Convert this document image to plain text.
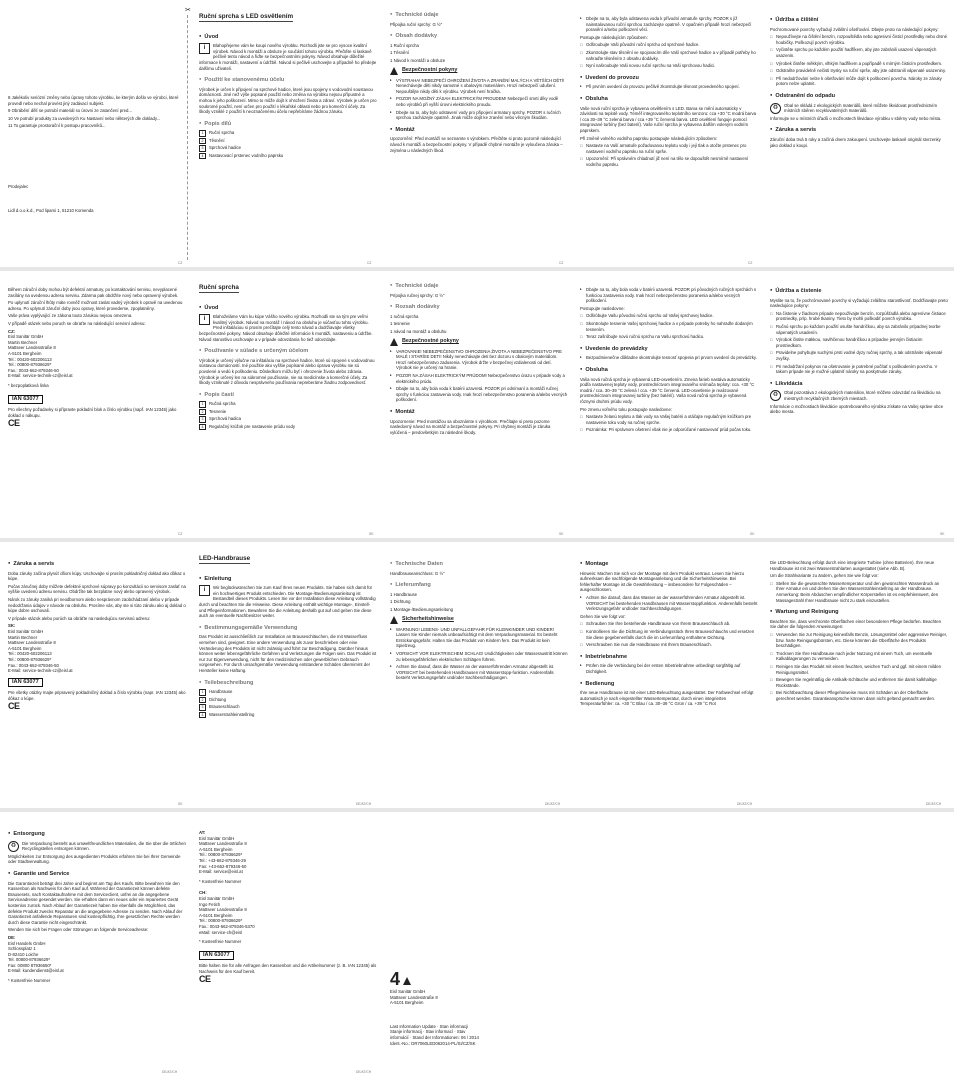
✂

8 Jakékoliv seriózní změny nebo úpravy tohoto výrobku, ke kterým došlo ve výrobci, které provedl nebo nechal provést jiný zadávací subjekt.

9 Obrábění dělí se potrubí materiál so úrovni ze zatančení pred...

10 Ve potrubí produkty za uvedených Ku Nastavní nebo některých dle doklady...

11 To garantuje prostorační k postupu pracovníků...

Prodejalec

Lidl d.o.o.k.d., Pod lipami 1, 51210 Komenda

Ruční sprcha s LED osvětlením
● Úvod
i	Blahopřejeme vám ke koupi nového výrobku. Rozhodli jste se pro vysoce kvalitní výrobek. Návod k montáži a obsluze je součástí tohoto výrobku. Přečtěte si laskavě pečlivě tento návod a řiďte se bezpečnostními pokyny. Návod obsahuje důležité informace k montáži, nastavení a údržbě. Návod si pečlivě uschovejte a případně ho předejte dalšímu uživateli.

● Použití ke stanovenému účelu

Výrobek je určen k připojení na sprchové hadice, které jsou spojeny s vodovodní soustavou domácnosti. Jiné než výše popsané použití nebo změna na výrobku nejsou přípustné a mohou k jeho poškození. Mimo to může dojít k ohrožení života a zdraví. Výrobek je určen pro soukromé použití, není určen pro použití v lékařské oblasti nebo pro komerční účely. Za škody vzniklé z použití k neoznačenému účelu nepřebíráme žádnou záruku.

● Popis dílů
1 Ruční sprcha
2 Těsnění
3 Sprchová hadice
4 Nastavovací prstenec vodního paprsku
● Technické údaje

Připojka ruční sprchy: G ½"

● Obsah dodávky

1 Ruční sprcha

1 Těsnění

1 Návod k montáži a obsluze

Bezpečnostní pokyny

▸ VÝSTRAHA! NEBEZPEČÍ OHROŽENÍ ŽIVOTA A ZRANĚNÍ MALÝCH A VĚTŠÍCH DĚTÍ! Nenechávejte děti nikdy samotné s obalovým materiálem. Hrozí nebezpečí udušení. Nepouštějte nikdy děti k výrobku. Výrobek není hračka.

▸ POZOR NA MOŽNÝ ZÁSAH ELEKTRICKÝM PROUDEM! Nebezpečí smrti díky vodě nebo výrobků při vyšší úrovni elektrického proudu.

▸ Dbejte na to, aby bylo odstavení vody pro připojení armatury sprchy. POZOR s ručních sprchou zacházejte opatrně. Jinak může dojít ke zranění nebo věcným škodám.

● Montáž

Upozornění: Před montáží se seznamte s výrobkem. Přečtěte si proto pozorně následující návod k montáži a bezpečnostní pokyny. V případě chybné montáže je vyloučena záruka – zejména u následných škod.

▸ Dbejte na to, aby byla odstavena voda k přívodní armatuře sprchy. POZOR s již nainstalovanou ruční sprchou zacházejte opatrně. V opačném případě hrozí nebezpečí poranění a/nebo poškození věcí.

Postupujte následujícím způsobem:

□ Odšroubujte Vaši původní ruční sprchu od sprchové hadice.

□ Zkontrolujte stav těsnění ve spojovacím díle Vaší sprchové hadice a v případě potřeby ho nahraďte těsněním z obsahu dodávky.

□ Nyní našroubujte Vaši novou ruční sprchu na Vaši sprchovou hadici.

● Uvedení do provozu

▸ Při prvním uvedení do provozu pečlivě zkontrolujte těsnost provedeného spojení.

● Obsluha

Vaše nová ruční sprcha je vybavena osvětlením s LED. Barva se mění automaticky v závislosti na teplotě vody. Téměř integrovaného teplotního senzoru: cca +30 °C modrá barva / cca 30–39 °C zelená barva / cca +39 °C červená barva. LED osvětlení funguje pomocí integrované turbíny (bez baterií). Vaše ruční sprcha je vybavena dalším voleným vodním paprskem.

Při změně volného vodního paprsku postupujte následujícím způsobem:

□ Nastavte na Vaší armatuře požadovanou teplotu vody i její tlak a otočte prstenec pro nastavení vodního paprsku na ruční sprše.

□ Upozornění: Při správném chladnutí již není na tělo se dopouštět nesmírně nastavení vodního paprsku.

● Údržba a čištění

Pochromované povrchy vyžadují zvláštní ošetřování. Dbejte proto na následující pokyny:

□ Nepoužívejte na čištění benzín, rozpouštědla nebo agresivní čisticí prostředky nebo drsné houbičky. Poškozují povrch výrobku.

□ Vyčistěte sprchu po každém použití hadříkem, aby jste zabránili usazení vápenatých usazenin.

□ Výrobek čistěte měkkým, vlhkým hadříkem a popřípadě s mírným čisticím prostředkem.

□ Odstraňte pravidelně nečisti trysky na ruční sprše, aby jste odstranili vápenaté usazeniny.

□ Při nedodržování nelze k ošetřování může dojít k poškození povrchu. Nároky ze záruky potom nelze uplatnit.

● Odstranění do odpadu
♻	Obal se skládá z ekologických materiálů, které můžete likvidovat prostřednictvím místních sběren recyklovatelných materiálů.

Informujte se u místních úřadů o možnostech likvidace výrobku v sběrny vody nebo místa.

● Záruka a servis

Záruční doba trvá 5 roky a začíná dnem zakoupení. Uschovejte laskavě originál stvrzenky jako doklad o koupi.

CZ	CZ	CZ	CZ

Během záruční doby mohou být defektní armatury, po kontaktování servisu, nevyplacené zasílány na uvedenou adresu servisu. Zdarma pak obdržíte nový nebo opravený výrobek.

Po uplynutí záruční lhůty máte rovněž možnost zaslat vadný výrobek k opravě na uvedenou adresu. Po uplynutí záruční doby jsou opravy, které provedeme, zpoplatněny.

Vaše práva vyplývající ze zákona touto zárukou nejsou omezena.

V případě otázek nebo poruch se obraťte na následující servisní adresu:

CZ:
Eisl Sanitär GmbH
Martin Bechner
Mattseer Landesstraße 8
A-5101 Bergheim
Tel.: 00420-602206113
Tel.: 00800-87936629*
Fax.: 0043-662-879346-50
E-Mail: service-technik-cz@eisl.at

* bezpoplatková linka

IAN 63077

Pro všechny požadavky si připravte pokladní blok a číslo výrobku (např. IAN 12345) jako doklad o nákupu.

CE
Ruční sprcha
● Úvod
i	Blahoželáme Vám ku kúpe Vášho nového výrobku. Rozhodli ste sa tým pre veľmi kvalitný výrobok. Návod na montáž / návod na obsluhu je súčasťou tohto výrobku. Pred inštaláciou si prosím prečítajte celý tento návod a dodržiavajte všetky bezpečnostné pokyny. Návod obsahuje dôležité informácie k montáži, nastaveniu a údržbe. Návod starostlivo uschovajte a v prípade odovzdania ho tiež odovzdajte.

● Používanie v súlade s určeným účelom

Výrobok je určený výlučne na inštaláciu na sprchové hadice, ktoré sú spojené s vodovodnou sústavou domácností. Iné použitie ako vyššie popísané alebo úprava výrobku nie sú povolené a vedú k poškodeniu. Dôsledkom môžu byť i ohrozenie života alebo zdravia. Výrobok je určený len na súkromné používanie, nie na medicínske a komerčné účely. Za škody vzniknuté z dôvodu nesprávneho používania nepreberáme žiadnu zodpovednosť.

● Popis častí
1 Ručná sprcha
2 Tesnenie
3 Sprchová hadica
4 Regulačný krúžok pre nastavenie prúdu vody
● Technické údaje

Prípojka ručnej sprchy: G ½"

● Rozsah dodávky

1 ručná sprcha

1 tesnenie

1 návod na montáž a obsluhu

Bezpečnostné pokyny

▸ VAROVANIE! NEBEZPEČENSTVO OHROZENIA ŽIVOTA A NEBEZPEČENSTVO PRE MALÉ I STARŠIE DETI! Nikdy nenechávajte deti bez dozoru s obalovým materiálom. Hrozí nebezpečenstvo zadusenia. Výrobok držte v bezpečnej vzdialenosti od detí. Výrobok nie je určený na hranie.

▸ POZOR NA ZÁSAH ELEKTRICKÝM PRÚDOM! Nebezpečenstvo úrazu v prípade vody a elektrického prúdu.

▸ Dbajte na to, aby bola voda k batérii uzavretá. POZOR pri odnímaní a montáži ručnej sprchy s funkciou zastavenia vody. Inak hrozí nebezpečenstvo poranenia a/alebo vecných poškodení.

● Montáž

Upozornenie: Pred montážou sa oboznámte s výrobkom. Prečítajte si preto pozorne nasledovný návod na montáž a bezpečnostné pokyny. Pri chybnej montáži je záruka vylúčená – predovšetkým za následné škody.

▸ Dbajte na to, aby bola voda v batérii uzavretá. POZOR pri pôvodných ručných sprchách s funkciou zastavenia vody. Inak hrozí nebezpečenstvo poranenia a/alebo vecných poškodení.

Postupujte nasledovne:

□ Odšróbujte Vašu pôvodnú ručnú sprchu od Vašej sprchovej hadice.

□ Skontrolujte tesnenie Vašej sprchovej hadice a v prípade potreby ho nahraďte dodaným tesnením.

□ Teraz zašróbujte novú ručnú sprchu na Vašu sprchovú hadicu.

● Uvedenie do prevádzky

▸ Bezpodmienečne dôkladne skontrolujte tesnosť spojenia pri prvom uvedení do prevádzky.

● Obsluha

Vaša nová ručná sprcha je vybavená LED-osvetlením. Zmena farieb nastáva automaticky podľa nastavenej teploty vody, prostredníctvom integrovaného snímača teploty: cca. +30 °C modrá / cca. 30–39 °C zelená / cca. +39 °C červená. LED-osvetlenie je realizované prostredníctvom integrovanej turbíny (bez batérií). Vaša nová ručná sprcha je vybavená rôznymi druhmi prúdu vody.

Pre zmenu voľného toku postupujte nasledovne:

□ Nastavte želanú teplotu a tlak vody na Vašej batérii a otáčajte regulačným krúžkom pre nastavenie toku vody na ručnej sprche.

□ Poznámka: Pri správnom ošetrení však nie je odporúčané nastavovať prúd počas toku.

● Údržba a čistenie

Myslite na to, že pochrómované povrchy si vyžadujú zvláštnu starostlivosť. Dodržiavajte preto nasledujúce pokyny:

□ Na čistenie v žiadnom prípade nepoužívajte benzín, rozpúšťadlá alebo agresívne čistiace prostriedky, príp. hrubé tkaniny. Tieto by mohli poškodiť povrch výrobku.

□ Ručnú sprchu po každom použití osušte handričkou, aby sa zabránilo prípadnej tvorbe vápenatých usadenín.

□ Výrobok čistite mäkkou, navlhčenou handričkou a prípadne jemným čistiacim prostriedkom.

□ Pravidelne pohybujte suchými prsti vodné dyzy ručnej sprchy, a tak odstránite vápenaté zvyšky.

□ Pri nedodržaní pokynov na ošetrovanie je potrebné počítať s poškodením povrchu. V takom prípade nie je možné uplatniť nároky na poskytnutie záruky.

● Likvidácia
♻	Obal pozostáva z ekologických materiálov, ktoré môžete odovzdať na likvidáciu na miestnych recyklačných zberných miestach.

Informácie o možnostiach likvidácie opotrebovaného výrobku získate na Vašej správe obce alebo mesta.

CZ	SK	SK	SK	SK
● Záruka a servis

Doba záruky začína plynúť dňom kúpy. Uschovajte si prosím pokladničný doklad ako dôkaz o kúpe.

Počas záručnej doby môžete defektné sprchové súpravy po konzultácii so servisom zaslať na vyššie uvedenú adresu servisu. Obdržíte tak bezplatne nový alebo opravený výrobok.

Nárok zo záruky zaniká pri neodbornom alebo nesprávnom zaobchádzaní alebo v prípade nedodržania údajov v návode na obsluhu. Prosíme vás, aby ste si túto záruku ako aj doklad o kúpe dobre uschovali.

V prípade otázok alebo porúch sa obráťte na nasledujúcu servisnú adresu:

SK:
Eisl Sanitär GmbH
Martin Bechner
Mattseer Landesstraße 8
A-5101 Bergheim
Tel.: 00420-602206113
Tel.: 00800-87936629*
Fax.: 0043-662-879346-50
E-Mail: service-technik-cz@eisl.at
IAN 63077

Pre všetky otázky majte pripravený pokladničný doklad a číslo výrobku (napr. IAN 12345) ako dôkaz o kúpe.

CE
LED-Handbrause
● Einleitung
i	Wir beglückwünschen Sie zum Kauf Ihres neuen Produkts. Sie haben sich damit für ein hochwertiges Produkt entschieden. Die Montage-/Bedienungsanleitung ist Bestandteil dieses Produkts. Lesen Sie vor der Installation diese Anleitung vollständig durch und beachten Sie die Hinweise. Diese Anleitung enthält wichtige Montage-, Einstell- und Pflegeinformationen. Bewahren Sie die Anleitung deshalb gut auf und geben Sie diese auch an eventuelle Nachbesitzer weiter.

● Bestimmungsgemäße Verwendung

Das Produkt ist ausschließlich zur Installation an Brauseschläuchen, die mit Wasserfluss versehen sind, geeignet. Eine andere Verwendung als zuvor beschrieben oder eine Veränderung des Produkts ist nicht zulässig und führt zur Beschädigung. Darüber hinaus können weiter lebensgefährliche Gefahren und Verletzungen die Folgen sein. Das Produkt ist nur zur Eigenverwendung, nicht für den medizinischen oder gewerblichen Gebrauch vorgesehen. Für durch unsachgemäße Verwendung entstandene Schäden übernimmt der Hersteller keine Haftung.

● Teilebeschreibung
1 Handbrause
2 Dichtung
3 Brauseschlauch
4 Wasserstrahleinstellring
● Technische Daten

Handbrauseanschluss: G ½"

● Lieferumfang

1 Handbrause

1 Dichtung

1 Montage-/Bedienungsanleitung

Sicherheitshinweise

▸ WARNUNG! LEBENS- UND UNFALLGEFAHR FÜR KLEINKINDER UND KINDER! Lassen Sie Kinder niemals unbeaufsichtigt mit dem Verpackungsmaterial. Es besteht Erstickungsgefahr. Halten Sie das Produkt von Kindern fern. Das Produkt ist kein Spielzeug.

▸ VORSICHT VOR ELEKTRISCHEM SCHLAG! Undichtigkeiten oder Wasseraustritt können zu lebensgefährlichen elektrischen Schlägen führen.

▸ Achten Sie darauf, dass die Wasser an der wasserführenden Armatur abgestellt ist. VORSICHT bei bestehenden Handbrausen mit Wasserstopp-funktion. Anderenfalls besteht Verletzungsgefahr und/oder Sachbeschädigungen.

● Montage

Hinweis: Machen Sie sich vor der Montage mit dem Produkt vertraut. Lesen Sie hierzu aufmerksam die nachfolgende Montageanleitung und die Sicherheitshinweise. Bei fehlerhafter Montage ist die Gewährleistung – insbesondere für Folgeschäden – ausgeschlossen.

▸ Achten Sie darauf, dass das Wasser an der wasserführenden Armatur abgestellt ist. VORSICHT bei bestehenden Handbrausen mit Wasserstoppfunktion. Anderenfalls besteht Verletzungsgefahr und/oder Sachbeschädigungen.

Gehen Sie wie folgt vor:

□ Schrauben Sie Ihre bestehende Handbrause von Ihrem Brauseschlauch ab.

□ Kontrollieren Sie die Dichtung im Verbindungsstück Ihres Brauseschlauchs und ersetzen Sie diese gegebenenfalls durch die im Lieferumfang enthaltene Dichtung.

□ Verschrauben Sie nun die Handbrause mit Ihrem Brauseschlauch.

● Inbetriebnahme

▸ Prüfen Sie die Verbindung bei der ersten Inbetriebnahme unbedingt sorgfältig auf Dichtigkeit.

● Bedienung

Ihre neue Handbrause ist mit einer LED-Beleuchtung ausgestattet. Der Farbwechsel erfolgt automatisch je nach eingestellter Wassertemperatur, durch einen integrierten Temperaturfühler: ca. +30 °C Blau / ca. 30–39 °C Grün / ca. +39 °C Rot

Die LED-Beleuchtung erfolgt durch eine integrierte Turbine (ohne Batterien). Ihre neue Handbrause ist mit zwei Wasserstrahlarten ausgestattet (siehe Abb. B).

Um die Strahlvariante zu ändern, gehen Sie wie folgt vor:

□ Stellen Sie die gewünschte Wassertemperatur und den gewünschten Wasserdruck an Ihrer Armatur ein und drehen Sie den Wasserstrahleinstellring an der Handbrause. Anmerkung: Beim Abduschen empfindlicher Körperstellen ist es empfehlenswert, den Massagestrahl Ihrer Handbrause nicht zu stark einzustellen.

● Wartung und Reinigung

Beachten Sie, dass verchromte Oberflächen einer besonderen Pflege bedürfen. Beachten Sie daher die folgenden Anweisungen:

□ Verwenden Sie zur Reinigung keinesfalls Benzin, Lösungsmittel oder aggressive Reiniger, bzw. harte Reinigungsbürsten, etc. Diese könnten die Oberfläche des Produkts beschädigen.

□ Trocknen Sie Ihre Handbrause nach jeder Nutzung mit einem Tuch, um eventuelle Kalkablagerungen zu vermeiden.

□ Reinigen Sie das Produkt mit einem feuchten, weichen Tuch und ggf. mit einem milden Reinigungsmittel.

□ Bewegen Sie regelmäßig die Antikalk-Schläuche und entfernen Sie damit kalkhaltige Rückstände.

□ Bei Nichtbeachtung dieser Pflegehinweise muss mit Schäden an der Oberfläche gerechnet werden. Garantieansprüche können dann nicht geltend gemacht werden.

SK	DE/AT/CH	DE/AT/CH	DE/AT/CH	DE/AT/CH
● Entsorgung
♻	Die Verpackung besteht aus umweltfreundlichen Materialien, die Sie über die örtlichen Recyclingstellen entsorgen können.

Möglichkeiten zur Entsorgung des ausgedienten Produkts erfahren Sie bei Ihrer Gemeinde oder Stadtverwaltung.

● Garantie und Service

Die Garantiezeit beträgt drei Jahre und beginnt am Tag des Kaufs. Bitte bewahren Sie den Kassenbon als Nachweis für den Kauf auf. Während der Garantiezeit können defekte Brausesets, nach Kontaktaufnahme mit dem Serviceclient, unfrei an die angegebene Serviceadresse gesendet werden. Sie erhalten dann ein neues oder ein repariertes Gerät kostenlos zurück. Nach Ablauf der Garantiezeit haben Sie ebenfalls die Möglichkeit, das defekte Produkt zwecks Reparatur an die angegebene Adresse zu senden. Nach Ablauf der Garantiezeit anfallende Reparaturen sind kostenpflichtig. Ihre gesetzlichen Rechte werden durch diese Garantie nicht eingeschränkt.

Wenden Sie sich bei Fragen oder Störungen an folgende Serviceadresse:

DE:
Eisl Handels GmbH
Schlossplatz 1
D-82410 Loiche
Tel. 00800-87936629*
Fax: 00800 87936650*
E-Mail: kundendienst@eisl.at

* Kostenfreie Nummer

AT:
Eisl Sanitär GmbH
Mattseer Landesstraße 8
A-5101 Bergheim
Tel.: 00800-87936629*
Tel.: +43-662-879346-29
Fax: +43-662-879346-50
E-Mail: service@eisl.at

* Kostenfreie Nummer

CH:
Eisl Sanitär GmbH
Ingo Fetich
Mattseer Landesstraße 8
A-5101 Bergheim
Tel.: 00800-87936629*
Fax.: 0043-662-879346-5370
eMail: service-ch@eisl

* Kostenfreie Nummer

IAN 63077

Bitte halten Sie für alle Anfragen den Kassenbon und die Artikelnummer (z. B. IAN 12345) als Nachweis für den Kauf bereit.

CE	4
Eisl Sanitär GmbH
Mattseer Landesstraße 8
A-5101 Bergheim
Last Information Update · Stan informacji
Stanje informacij · Stav informací · Stav
informácií · Stand der Informationen: 06 / 2014
Ident.-No.: DR7060LED062014-PL/SI/CZ/SK
DE/AT/CH	DE/AT/CH
